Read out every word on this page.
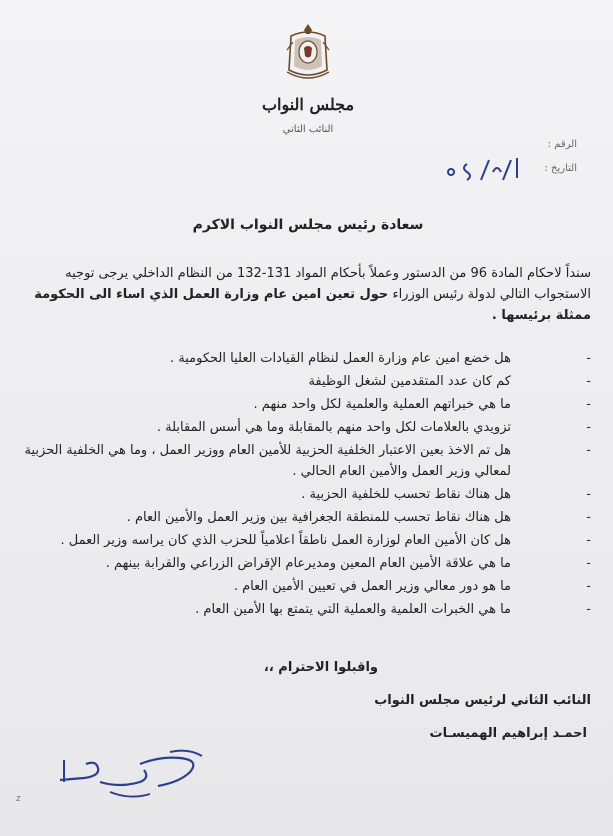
مجلس النواب
النائب الثاني
الرقم :
التاريخ :
سعادة رئيس مجلس النواب الاكرم
سنداً لاحكام المادة 96 من الدستور وعملاً بأحكام المواد 131-132 من النظام الداخلي يرجى توجيه الاستجواب التالي لدولة رئيس الوزراء حول تعين امين عام وزارة العمل الذي اساء الى الحكومة ممثلة برئيسها .
- هل خضع امين عام وزارة العمل لنظام القيادات العليا الحكومية .
- كم كان عدد المتقدمين لشغل الوظيفة
- ما هي خبراتهم العملية والعلمية لكل واحد منهم .
- تزويدي بالعلامات لكل واحد منهم بالمقابلة وما هي أسس المقابلة .
- هل تم الاخذ بعين الاعتبار الخلفية الحزبية للأمين العام ووزير العمل ، وما هي الخلفية الحزبية لمعالي وزير العمل والأمين العام الحالي .
- هل هناك نقاط تحسب للخلفية الحزبية .
- هل هناك نقاط تحسب للمنطقة الجغرافية بين وزير العمل والأمين العام .
- هل كان الأمين العام لوزارة العمل ناطقاً اعلامياً للحزب الذي كان يراسه وزير العمل .
- ما هي علاقة الأمين العام المعين ومديرعام الإقراض الزراعي والقرابة بينهم .
- ما هو دور معالي وزير العمل في تعيين الأمين العام .
- ما هي الخبرات العلمية والعملية التي يتمتع بها الأمين العام .
واقبلوا الاحترام ،،
النائب الثاني لرئيس مجلس النواب
احمـد إبراهيم الهميسـات
z
